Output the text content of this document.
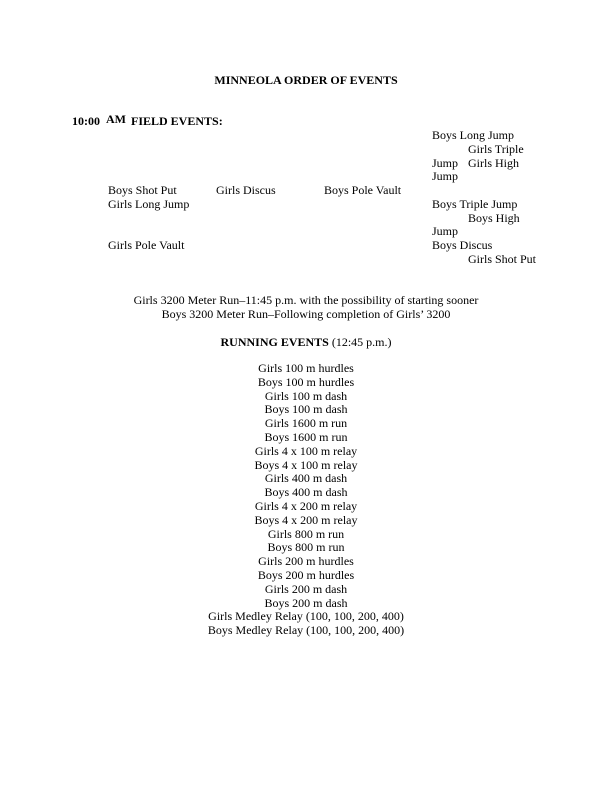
MINNEOLA ORDER OF EVENTS
10:00 AM FIELD EVENTS:
Boys Long Jump
Girls Triple
Jump Girls High
Jump
Boys Triple Jump
Boys High
Jump
Boys Discus
Girls Shot Put
Boys Shot Put	Girls Discus	Boys Pole Vault
Girls Long Jump
Girls Pole Vault
Girls 3200 Meter Run–11:45 p.m. with the possibility of starting sooner
Boys 3200 Meter Run–Following completion of Girls’ 3200
RUNNING EVENTS (12:45 p.m.)
Girls 100 m hurdles
Boys 100 m hurdles
Girls 100 m dash
Boys 100 m dash
Girls 1600 m run
Boys 1600 m run
Girls 4 x 100 m relay
Boys 4 x 100 m relay
Girls 400 m dash
Boys 400 m dash
Girls 4 x 200 m relay
Boys 4 x 200 m relay
Girls 800 m run
Boys 800 m run
Girls 200 m hurdles
Boys 200 m hurdles
Girls 200 m dash
Boys 200 m dash
Girls Medley Relay (100, 100, 200, 400)
Boys Medley Relay (100, 100, 200, 400)
